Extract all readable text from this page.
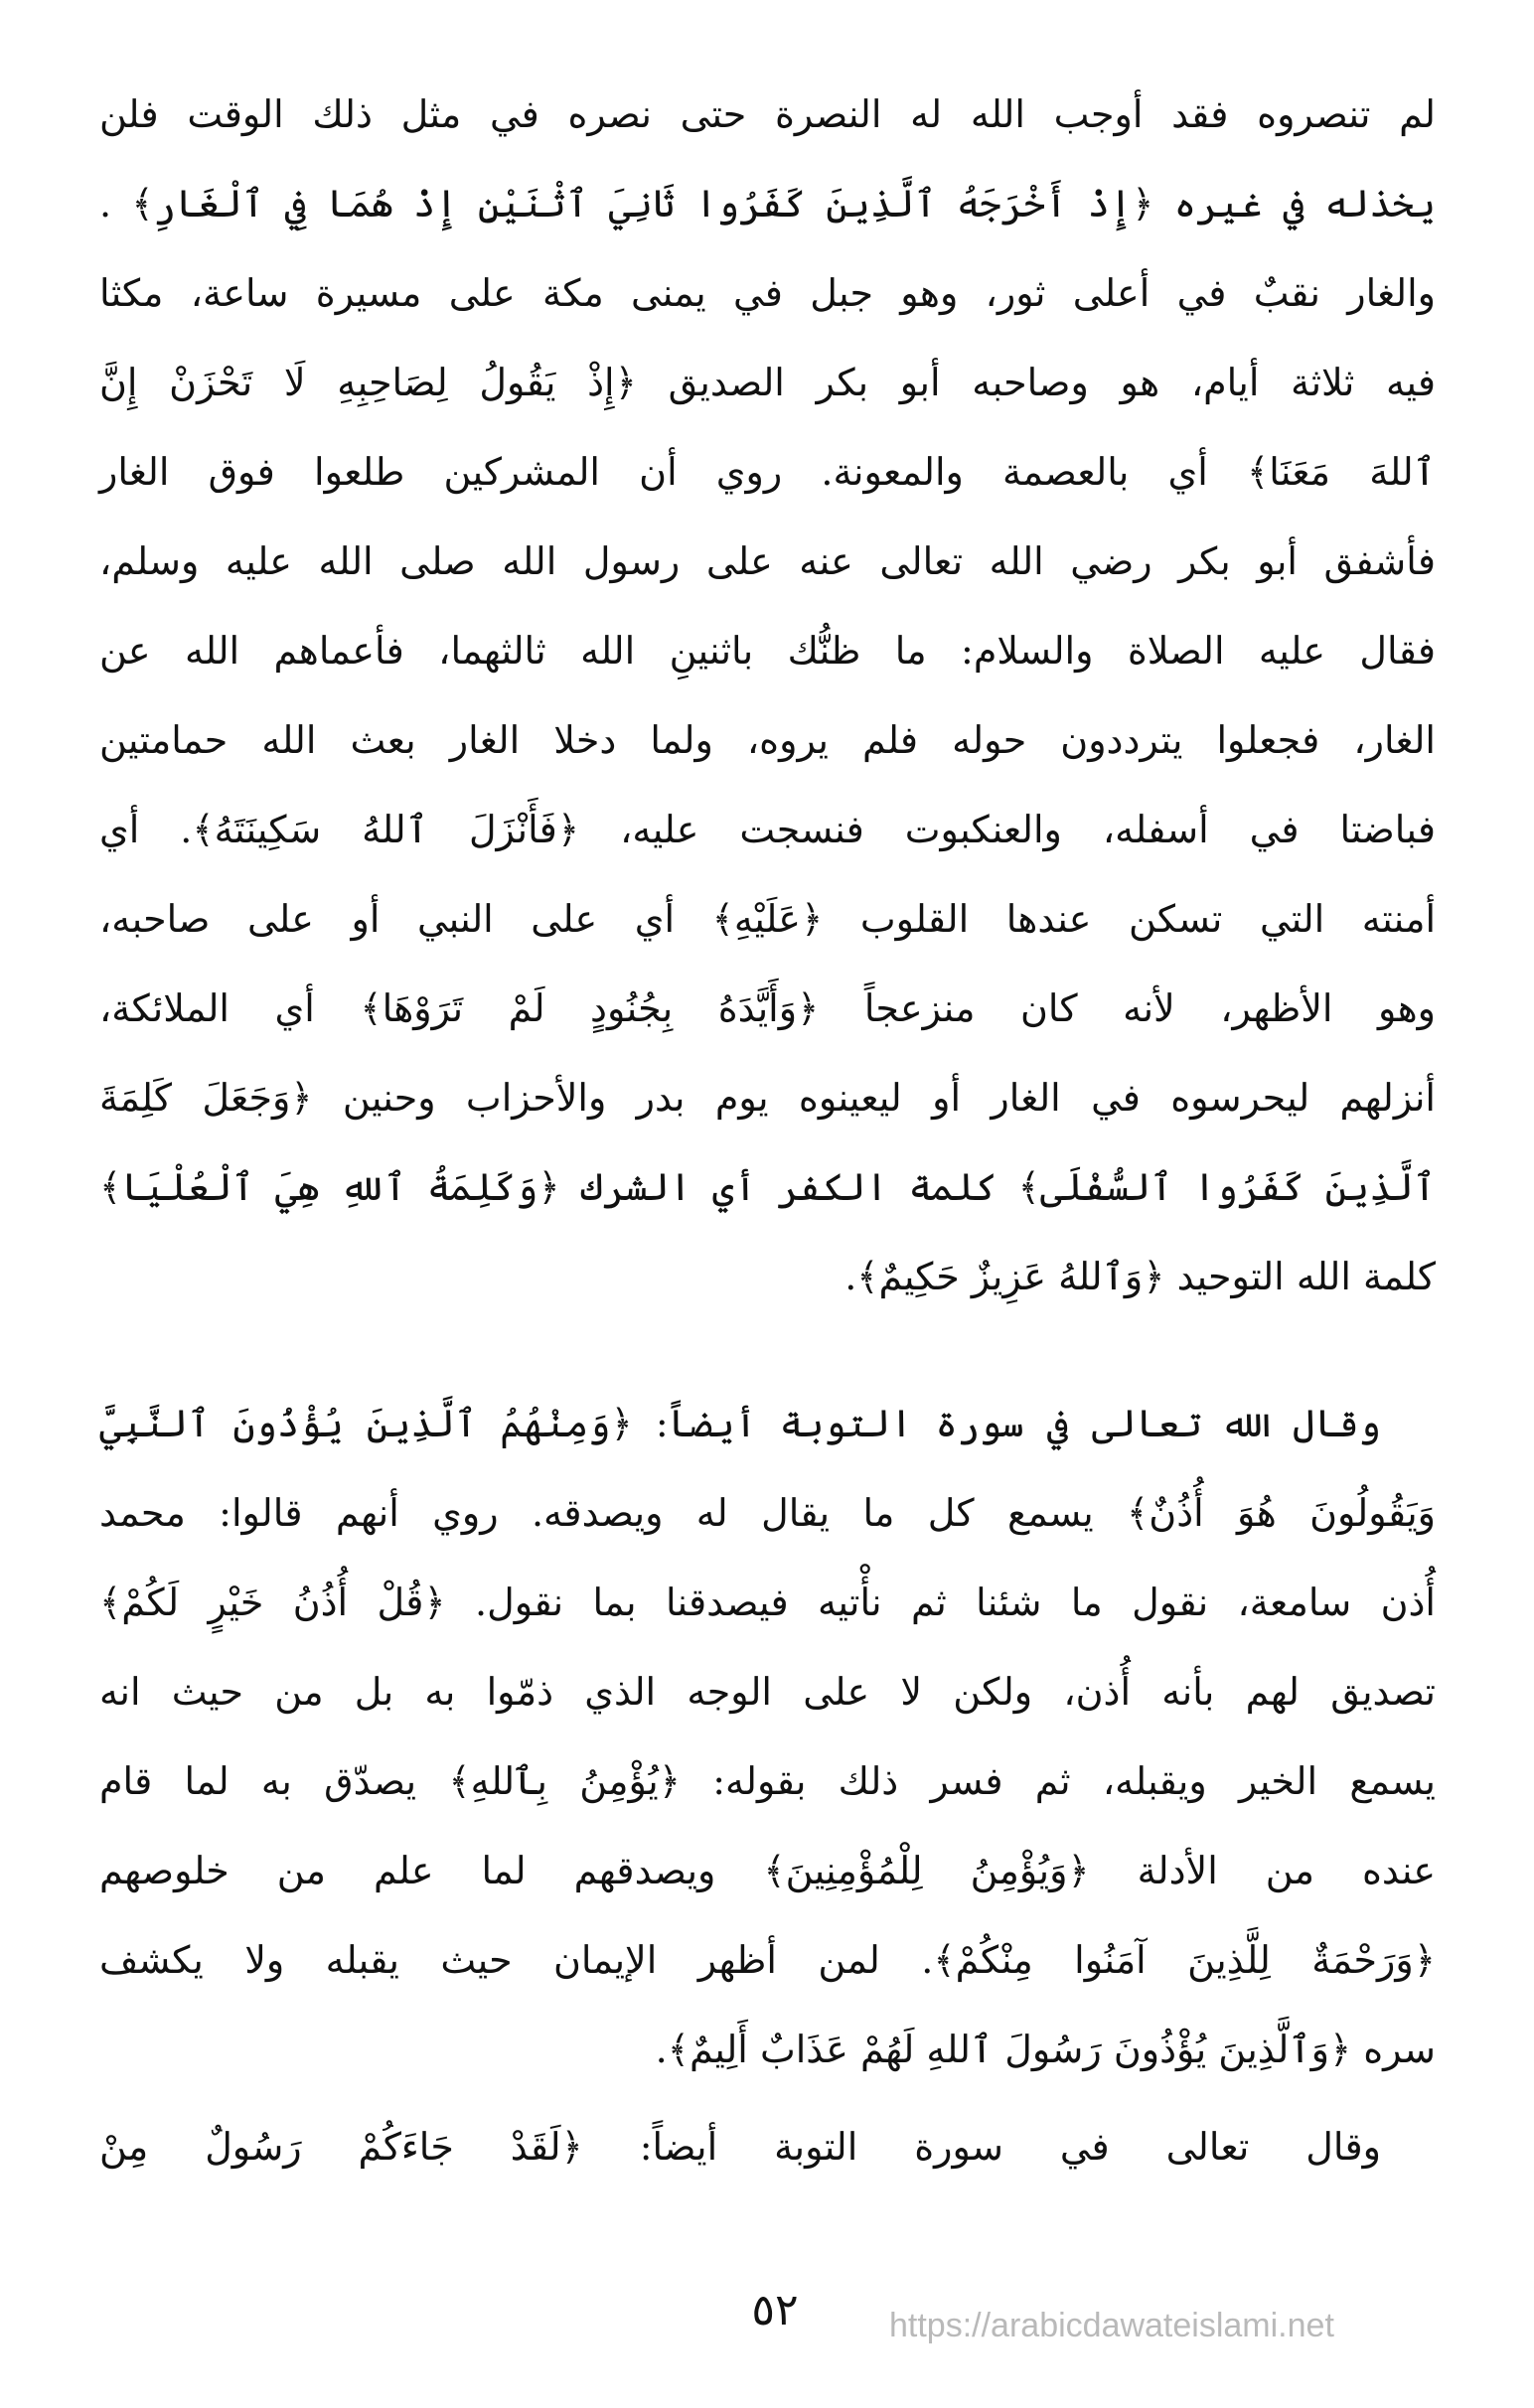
لم تنصروه فقد أوجب الله له النصرة حتى نصره في مثل ذلك الوقت فلن
يخذله في غيره ﴿إِذْ أَخْرَجَهُ ٱلَّذِينَ كَفَرُوا ثَانِيَ ٱثْنَيْنِ إِذْ هُمَا فِي ٱلْغَارِ﴾ .
والغار نقبٌ في أعلى ثور، وهو جبل في يمنى مكة على مسيرة ساعة، مكثا
فيه ثلاثة أيام، هو وصاحبه أبو بكر الصديق ﴿إِذْ يَقُولُ لِصَاحِبِهِ لَا تَحْزَنْ إِنَّ
ٱللهَ مَعَنَا﴾ أي بالعصمة والمعونة. روي أن المشركين طلعوا فوق الغار
فأشفق أبو بكر رضي الله تعالى عنه على رسول الله صلى الله عليه وسلم،
فقال عليه الصلاة والسلام: ما ظنُّك باثنينِ الله ثالثهما، فأعماهم الله عن
الغار، فجعلوا يترددون حوله فلم يروه، ولما دخلا الغار بعث الله حمامتين
فباضتا في أسفله، والعنكبوت فنسجت عليه، ﴿فَأَنْزَلَ ٱللهُ سَكِينَتَهُ﴾. أي
أمنته التي تسكن عندها القلوب ﴿عَلَيْهِ﴾ أي على النبي أو على صاحبه،
وهو الأظهر، لأنه كان منزعجاً ﴿وَأَيَّدَهُ بِجُنُودٍ لَمْ تَرَوْهَا﴾ أي الملائكة،
أنزلهم ليحرسوه في الغار أو ليعينوه يوم بدر والأحزاب وحنين ﴿وَجَعَلَ كَلِمَةَ
ٱلَّذِينَ كَفَرُوا ٱلسُّفْلَى﴾ كلمة الكفر أي الشرك ﴿وَكَلِمَةُ ٱللهِ هِيَ ٱلْعُلْيَا﴾
كلمة الله التوحيد ﴿وَٱللهُ عَزِيزٌ حَكِيمٌ﴾.
وقال الله تعالى في سورة التوبة أيضاً: ﴿وَمِنْهُمُ ٱلَّذِينَ يُؤْذُونَ ٱلنَّبِيَّ
وَيَقُولُونَ هُوَ أُذُنٌ﴾ يسمع كل ما يقال له ويصدقه. روي أنهم قالوا: محمد
أُذن سامعة، نقول ما شئنا ثم نأْتيه فيصدقنا بما نقول. ﴿قُلْ أُذُنُ خَيْرٍ لَكُمْ﴾
تصديق لهم بأنه أُذن، ولكن لا على الوجه الذي ذمّوا به بل من حيث انه
يسمع الخير ويقبله، ثم فسر ذلك بقوله: ﴿يُؤْمِنُ بِٱللهِ﴾ يصدّق به لما قام
عنده من الأدلة ﴿وَيُؤْمِنُ لِلْمُؤْمِنِينَ﴾ ويصدقهم لما علم من خلوصهم
﴿وَرَحْمَةٌ لِلَّذِينَ آمَنُوا مِنْكُمْ﴾. لمن أظهر الإيمان حيث يقبله ولا يكشف
سره ﴿وَٱلَّذِينَ يُؤْذُونَ رَسُولَ ٱللهِ لَهُمْ عَذَابٌ أَلِيمٌ﴾.
وقال تعالى في سورة التوبة أيضاً: ﴿لَقَدْ جَاءَكُمْ رَسُولٌ مِنْ
٥٢	https://arabicdawateislami.net
